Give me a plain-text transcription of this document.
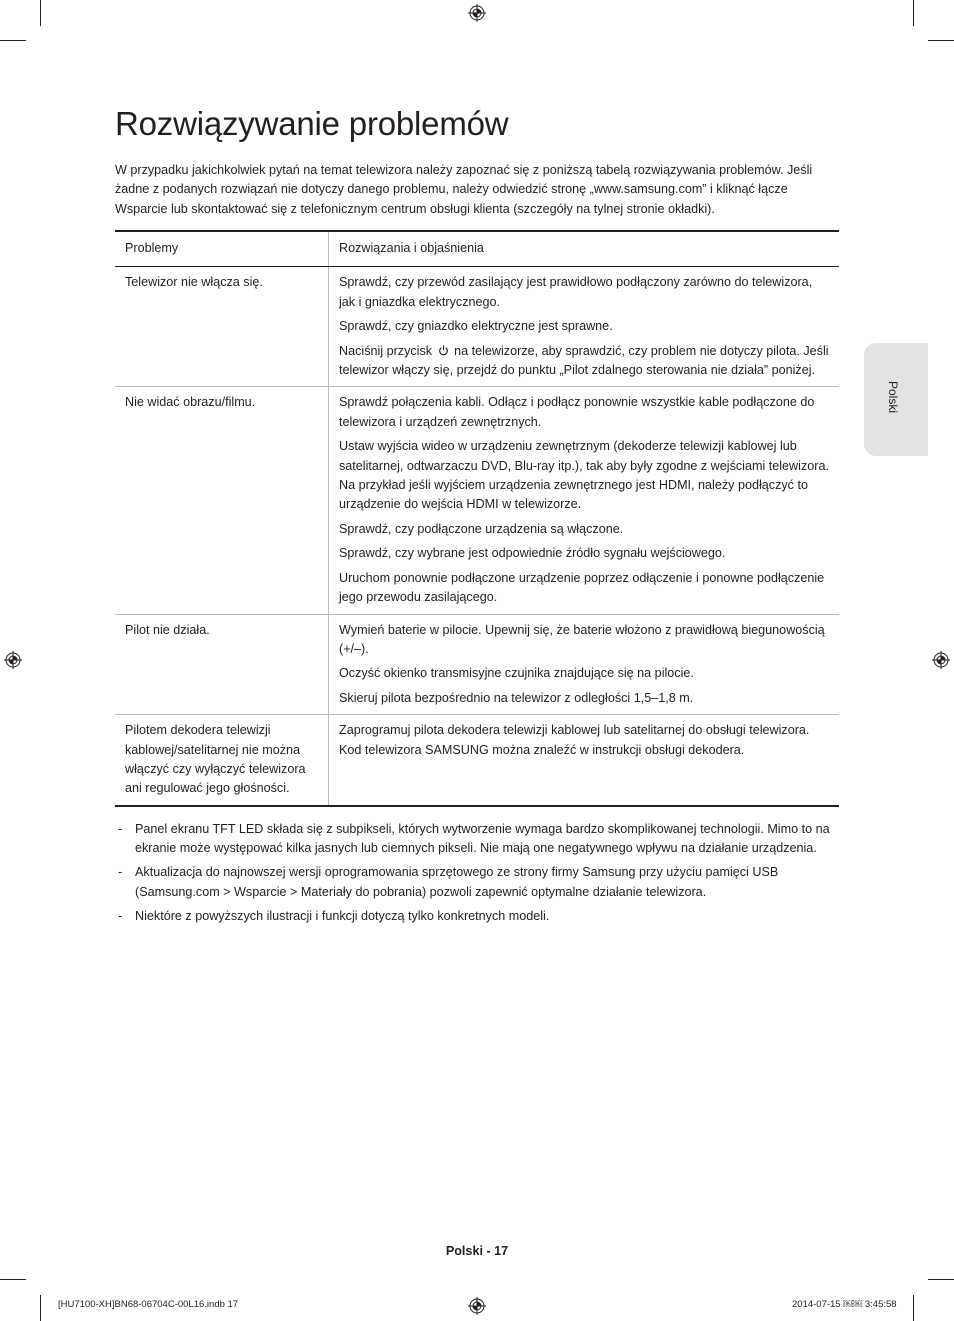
Rozwiązywanie problemów

W przypadku jakichkolwiek pytań na temat telewizora należy zapoznać się z poniższą tabelą rozwiązywania problemów. Jeśli żadne z podanych rozwiązań nie dotyczy danego problemu, należy odwiedzić stronę „www.samsung.com” i kliknąć łącze Wsparcie lub skontaktować się z telefonicznym centrum obsługi klienta (szczegóły na tylnej stronie okładki).

Problemy	Rozwiązania i objaśnienia
Telewizor nie włącza się.	Sprawdź, czy przewód zasilający jest prawidłowo podłączony zarówno do telewizora, jak i gniazdka elektrycznego.

Sprawdź, czy gniazdko elektryczne jest sprawne.

Naciśnij przycisk na telewizorze, aby sprawdzić, czy problem nie dotyczy pilota. Jeśli telewizor włączy się, przejdź do punktu „Pilot zdalnego sterowania nie działa” poniżej.

Nie widać obrazu/filmu.	Sprawdź połączenia kabli. Odłącz i podłącz ponownie wszystkie kable podłączone do telewizora i urządzeń zewnętrznych.

Ustaw wyjścia wideo w urządzeniu zewnętrznym (dekoderze telewizji kablowej lub satelitarnej, odtwarzaczu DVD, Blu-ray itp.), tak aby były zgodne z wejściami telewizora. Na przykład jeśli wyjściem urządzenia zewnętrznego jest HDMI, należy podłączyć to urządzenie do wejścia HDMI w telewizorze.

Sprawdź, czy podłączone urządzenia są włączone.

Sprawdź, czy wybrane jest odpowiednie źródło sygnału wejściowego.

Uruchom ponownie podłączone urządzenie poprzez odłączenie i ponowne podłączenie jego przewodu zasilającego.

Pilot nie działa.	Wymień baterie w pilocie. Upewnij się, że baterie włożono z prawidłową biegunowością (+/–).

Oczyść okienko transmisyjne czujnika znajdujące się na pilocie.

Skieruj pilota bezpośrednio na telewizor z odległości 1,5–1,8 m.

Pilotem dekodera telewizji kablowej/satelitarnej nie można włączyć czy wyłączyć telewizora ani regulować jego głośności.	Zaprogramuj pilota dekodera telewizji kablowej lub satelitarnej do obsługi telewizora. Kod telewizora SAMSUNG można znaleźć w instrukcji obsługi dekodera.

- Panel ekranu TFT LED składa się z subpikseli, których wytworzenie wymaga bardzo skomplikowanej technologii. Mimo to na ekranie może występować kilka jasnych lub ciemnych pikseli. Nie mają one negatywnego wpływu na działanie urządzenia.
- Aktualizacja do najnowszej wersji oprogramowania sprzętowego ze strony firmy Samsung przy użyciu pamięci USB (Samsung.com > Wsparcie > Materiały do pobrania) pozwoli zapewnić optymalne działanie telewizora.
- Niektóre z powyższych ilustracji i funkcji dotyczą tylko konkretnych modeli.
Polski
Polski - 17
[HU7100-XH]BN68-06704C-00L16.indb 17	2014-07-15 ￼￼ 3:45:58
